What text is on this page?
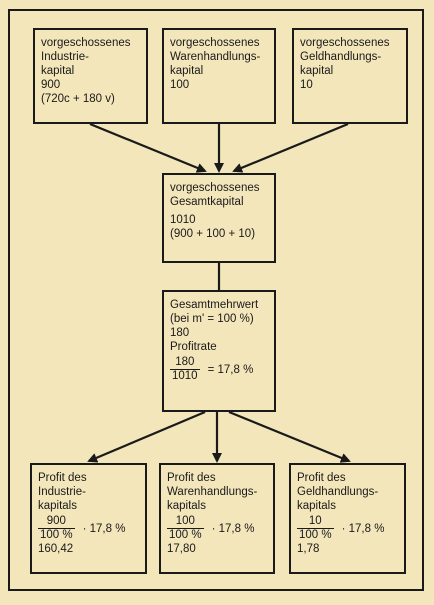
vorgeschossenes
Industrie-
kapital
900
(720c + 180 v)
vorgeschossenes
Warenhandlungs-
kapital
100
vorgeschossenes
Geldhandlungs-
kapital
10
vorgeschossenes
Gesamtkapital
1010
(900 + 100 + 10)
Gesamtmehrwert
(bei m' = 100 %)
180
Profitrate
$\frac{180}{1010} = 17,8$ %
Profit des
Industrie-
kapitals
$\frac{900}{100 \%} \cdot 17,8$ %
160,42
Profit des
Warenhandlungs-
kapitals
$\frac{100}{100 \%} \cdot 17,8$ %
17,80
Profit des
Geldhandlungs-
kapitals
$\frac{10}{100 \%} \cdot 17,8$ %
1,78
